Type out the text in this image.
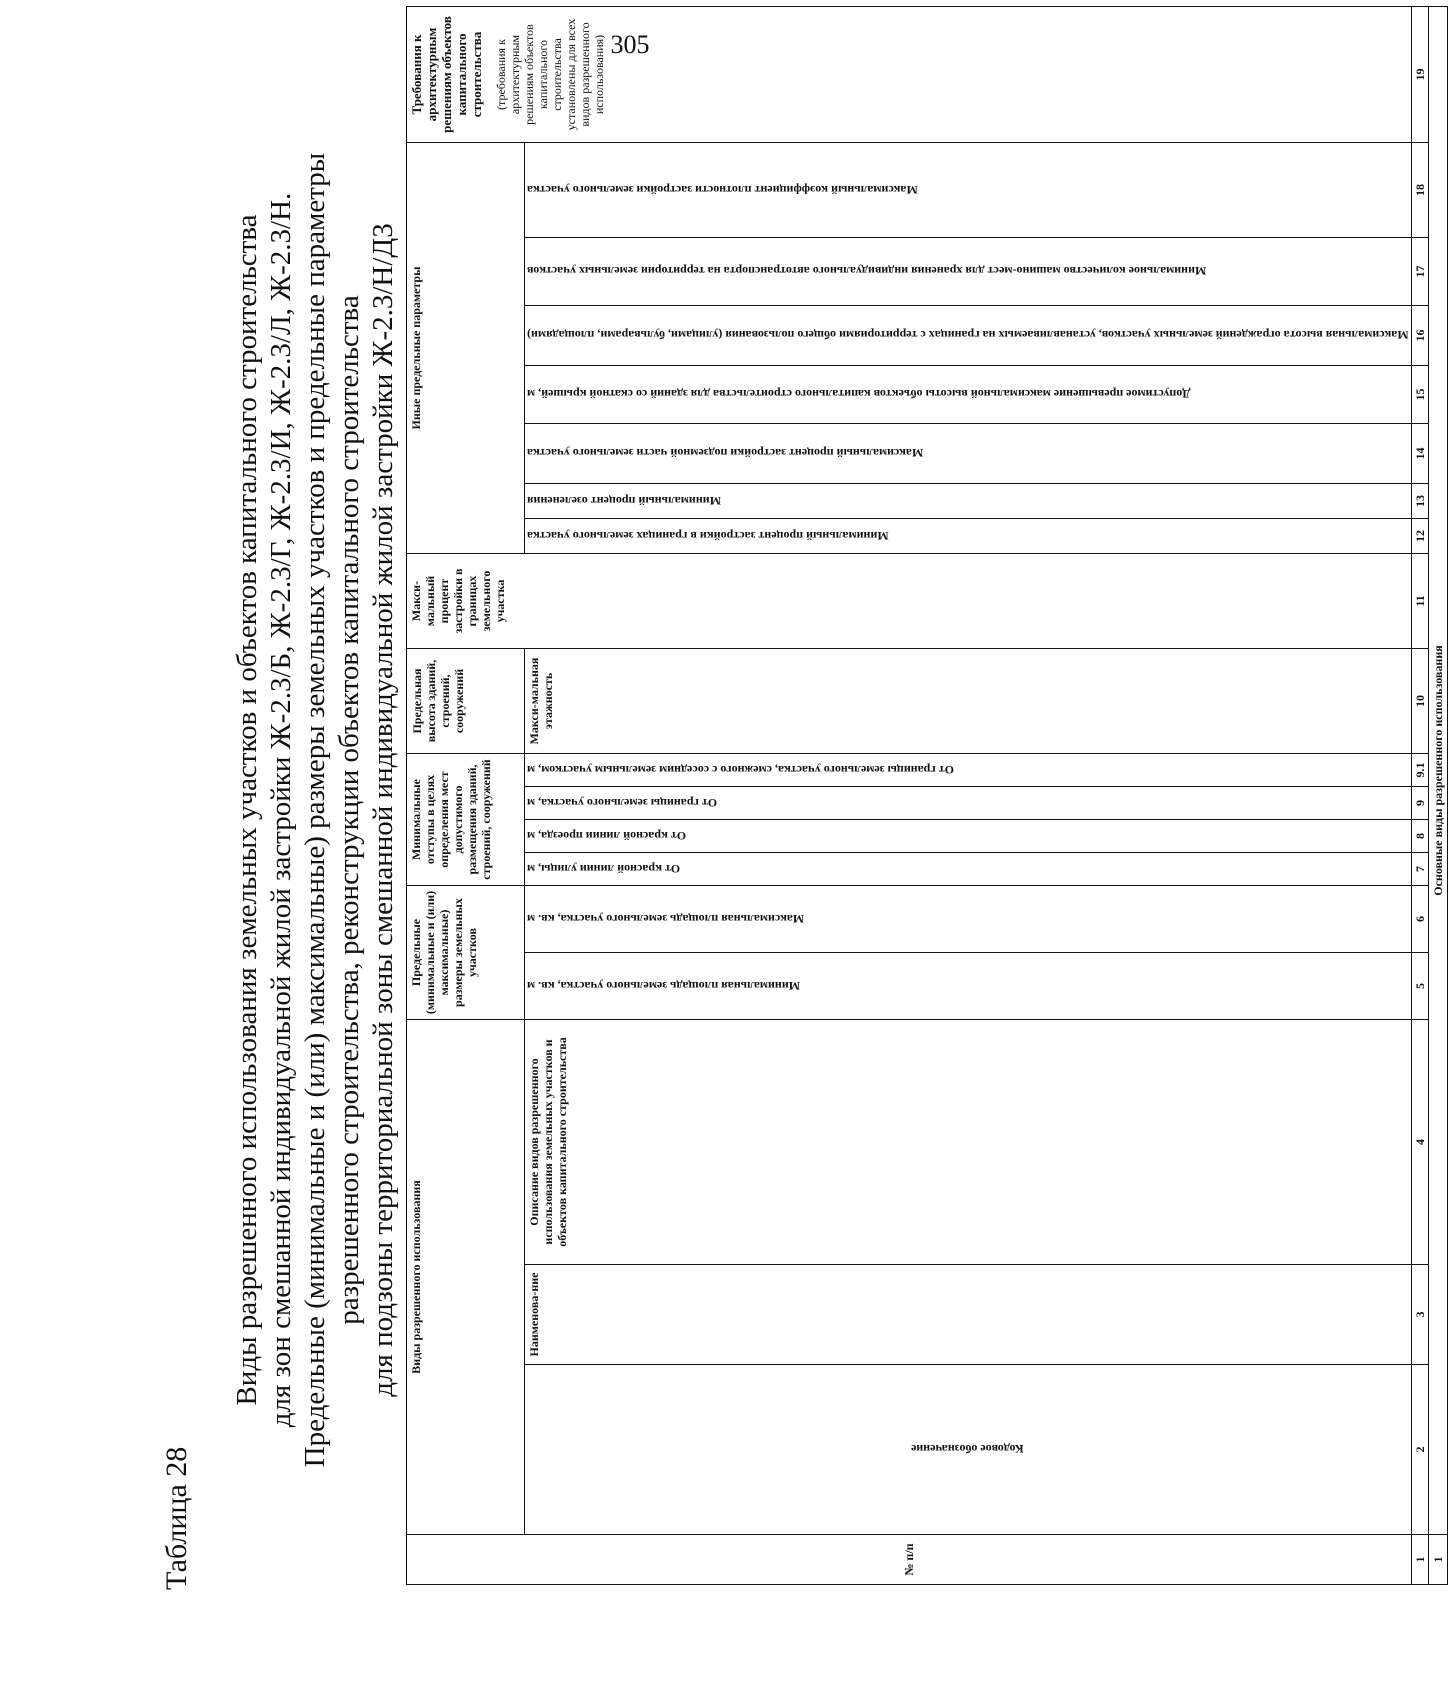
305
Таблица 28
Виды разрешенного использования земельных участков и объектов капитального строительства для зон смешанной индивидуальной жилой застройки Ж-2.3/Б, Ж-2.3/Г, Ж-2.3/И, Ж-2.3/Л, Ж-2.3/Н. Предельные (минимальные и (или) максимальные) размеры земельных участков и предельные параметры разрешенного строительства, реконструкции объектов капитального строительства для подзоны территориальной зоны смешанной индивидуальной жилой застройки Ж-2.3/Н/Д3
№ п/п	Виды разрешенного использования			Предельные (минимальные и (или) максимальные) размеры земельных участков		Минимальные отступы в целях определения мест допустимого размещения зданий, строений, сооружений				Предельная высота зданий, строений, сооружений	Макси-мальный процент застройки в границах земельного участка	Иные предельные параметры							Требования к архитектурным решениям объектов капитального строительства (требования к архитектурным решениям объектов капитального строительства установлены для всех видов разрешенного использования)

	Кодовое обозначение	Наименова-ние	Описание видов разрешенного использования земельных участков и объектов капитального строительства	Минимальная площадь земельного участка, кв. м	Максимальная площадь земельного участка, кв. м	От красной линии улицы, м	От красной линии проезда, м	От границы земельного участка, м	От границы земельного участка, смежного с соседним земельным участком, м	Макси-мальная этажность		Минимальный процент застройки в границах земельного участка	Минимальный процент озеленения	Максимальный процент застройки подземной части земельного участка	Допустимое превышение максимальной высоты объектов капитального строительства для зданий со скатной крышей, м	Максимальная высота ограждений земельных участков, устанавливаемых на границах с территориями общего пользования (улицами, бульварами, площадями)	Минимальное количество машино-мест для хранения индивидуального автотранспорта на территории земельных участков	Максимальный коэффициент плотности застройки земельного участка	

1	2	3	4	5	6	7	8	9	9.1	10	11	12	13	14	15	16	17	18	19
1	Основные виды разрешенного использования																		
